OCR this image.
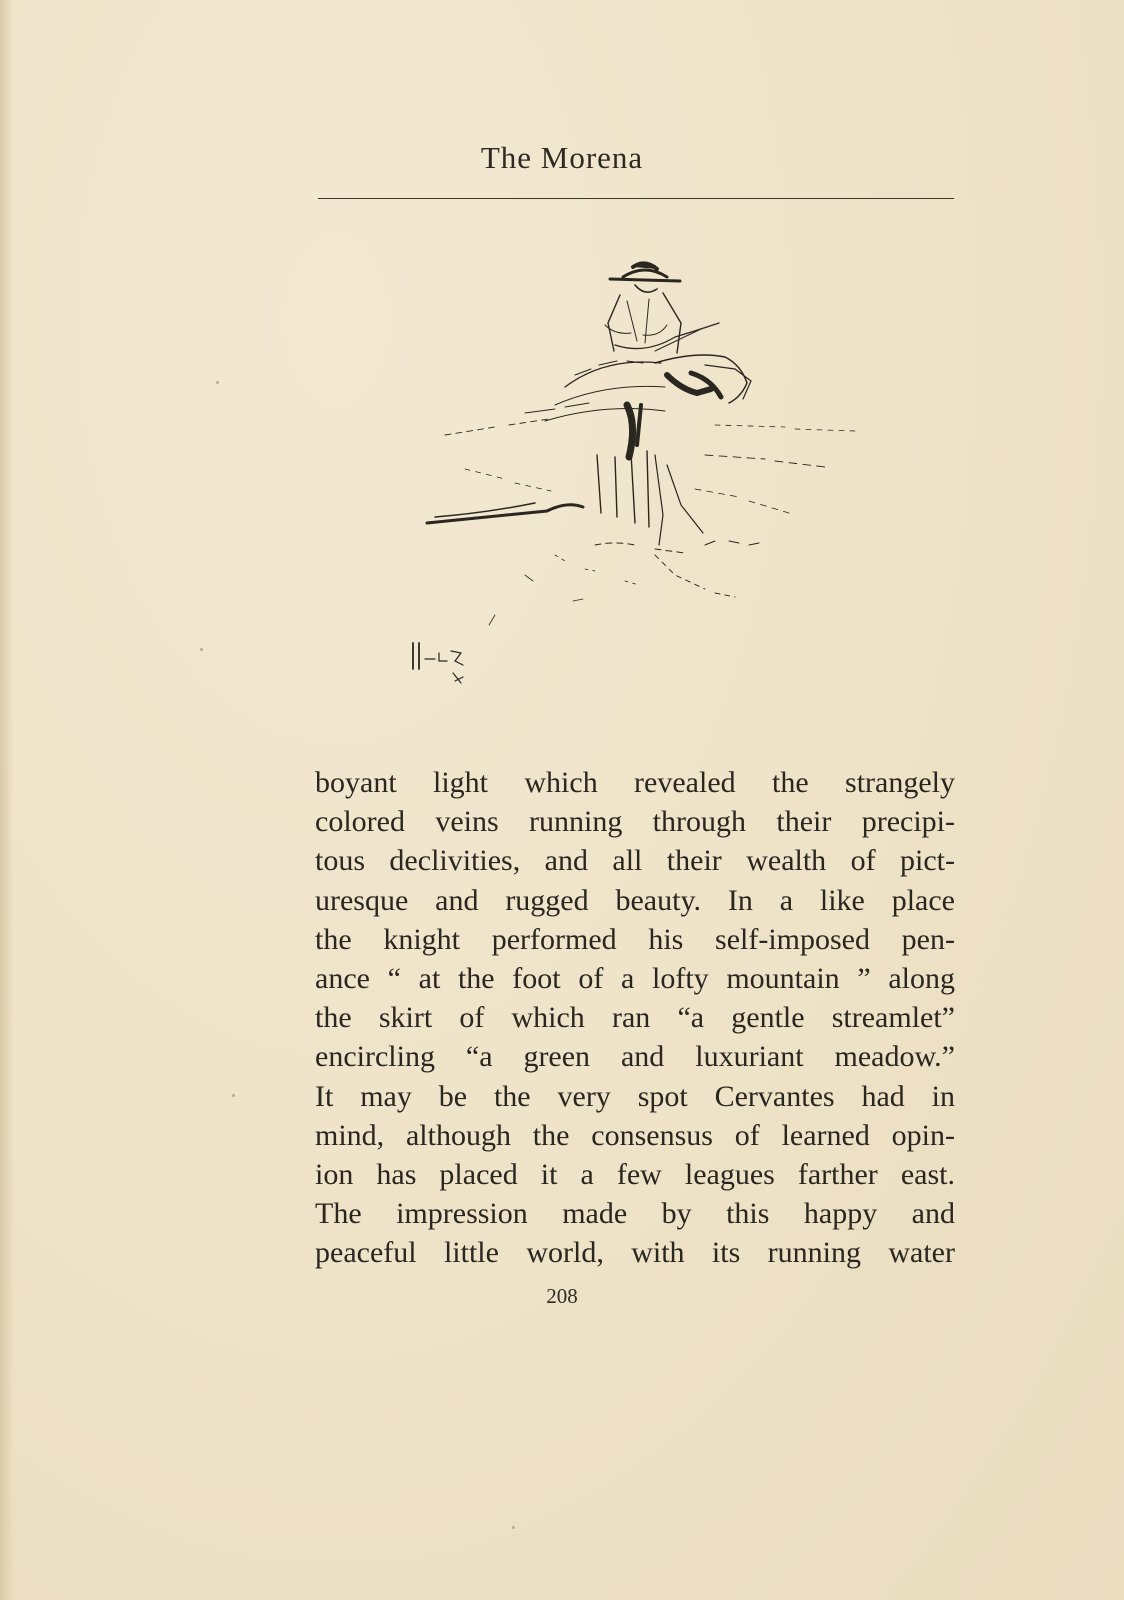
The Morena
boyant light which revealed the strangely
colored veins running through their precipi-
tous declivities, and all their wealth of pict-
uresque and rugged beauty. In a like place
the knight performed his self-imposed pen-
ance “ at the foot of a lofty mountain ” along
the skirt of which ran “a gentle streamlet”
encircling “a green and luxuriant meadow.”
It may be the very spot Cervantes had in
mind, although the consensus of learned opin-
ion has placed it a few leagues farther east.
The impression made by this happy and
peaceful little world, with its running water
208
